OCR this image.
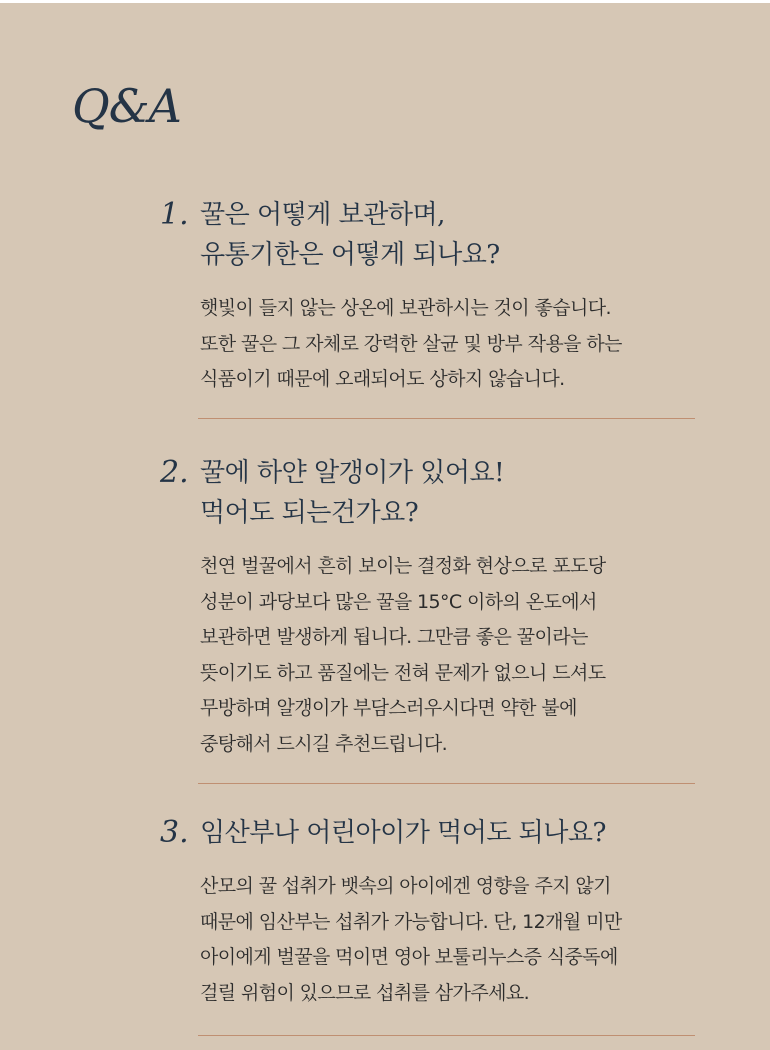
Q&A
1. 꿀은 어떻게 보관하며,
유통기한은 어떻게 되나요?
햇빛이 들지 않는 상온에 보관하시는 것이 좋습니다.
또한 꿀은 그 자체로 강력한 살균 및 방부 작용을 하는
식품이기 때문에 오래되어도 상하지 않습니다.
2. 꿀에 하얀 알갱이가 있어요!
먹어도 되는건가요?
천연 벌꿀에서 흔히 보이는 결정화 현상으로 포도당
성분이 과당보다 많은 꿀을 15°C 이하의 온도에서
보관하면 발생하게 됩니다. 그만큼 좋은 꿀이라는
뜻이기도 하고 품질에는 전혀 문제가 없으니 드셔도
무방하며 알갱이가 부담스러우시다면 약한 불에
중탕해서 드시길 추천드립니다.
3. 임산부나 어린아이가 먹어도 되나요?
산모의 꿀 섭취가 뱃속의 아이에겐 영향을 주지 않기
때문에 임산부는 섭취가 가능합니다. 단, 12개월 미만
아이에게 벌꿀을 먹이면 영아 보툴리누스증 식중독에
걸릴 위험이 있으므로 섭취를 삼가주세요.
